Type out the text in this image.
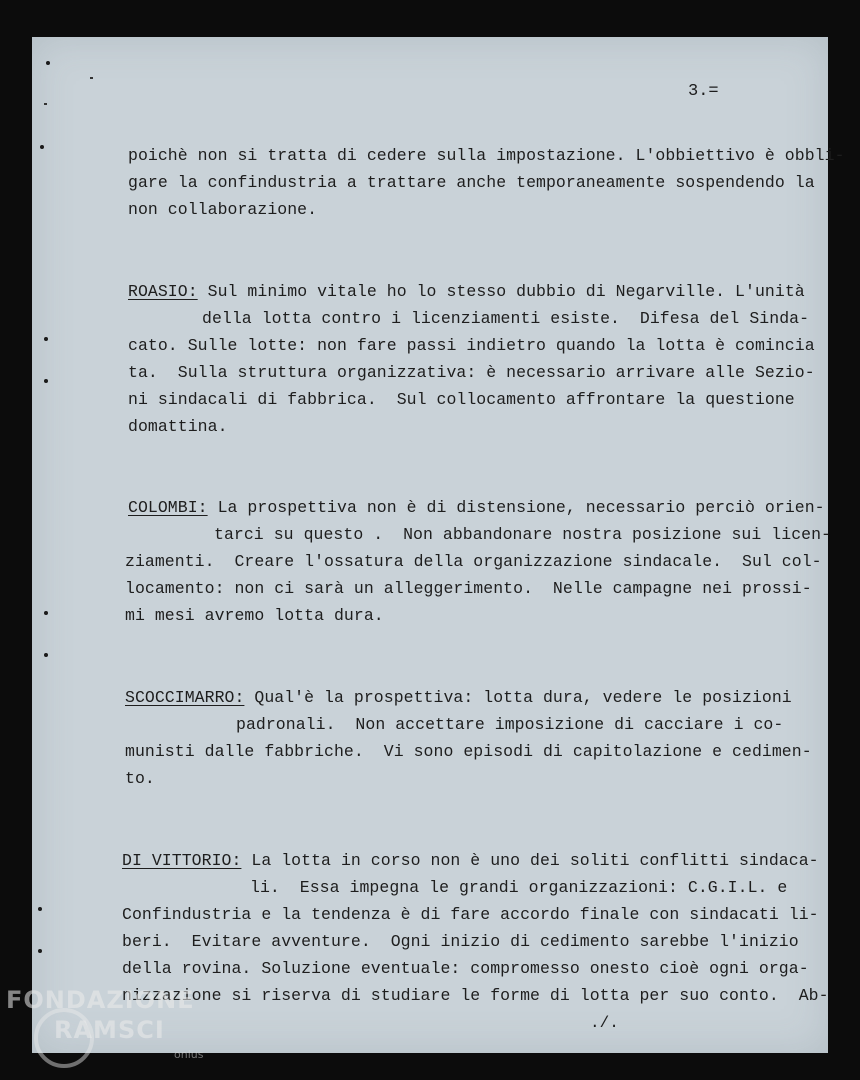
3.=
poichè non si tratta di cedere sulla impostazione. L'obbiettivo è obbli-
gare la confindustria a trattare anche temporaneamente sospendendo la
non collaborazione.
ROASIO: Sul minimo vitale ho lo stesso dubbio di Negarville. L'unità
della lotta contro i licenziamenti esiste.  Difesa del Sinda-
cato. Sulle lotte: non fare passi indietro quando la lotta è comincia
ta.  Sulla struttura organizzativa: è necessario arrivare alle Sezio-
ni sindacali di fabbrica.  Sul collocamento affrontare la questione
domattina.
COLOMBI: La prospettiva non è di distensione, necessario perciò orien-
tarci su questo .  Non abbandonare nostra posizione sui licen-
ziamenti.  Creare l'ossatura della organizzazione sindacale.  Sul col-
locamento: non ci sarà un alleggerimento.  Nelle campagne nei prossi-
mi mesi avremo lotta dura.
SCOCCIMARRO: Qual'è la prospettiva: lotta dura, vedere le posizioni
padronali.  Non accettare imposizione di cacciare i co-
munisti dalle fabbriche.  Vi sono episodi di capitolazione e cedimen-
to.
DI VITTORIO: La lotta in corso non è uno dei soliti conflitti sindaca-
li.  Essa impegna le grandi organizzazioni: C.G.I.L. e
Confindustria e la tendenza è di fare accordo finale con sindacati li-
beri.  Evitare avventure.  Ogni inizio di cedimento sarebbe l'inizio
della rovina. Soluzione eventuale: compromesso onesto cioè ogni orga-
nizzazione si riserva di studiare le forme di lotta per suo conto.  Ab-
./.
FONDAZIONE
RAMSCI
onlus
